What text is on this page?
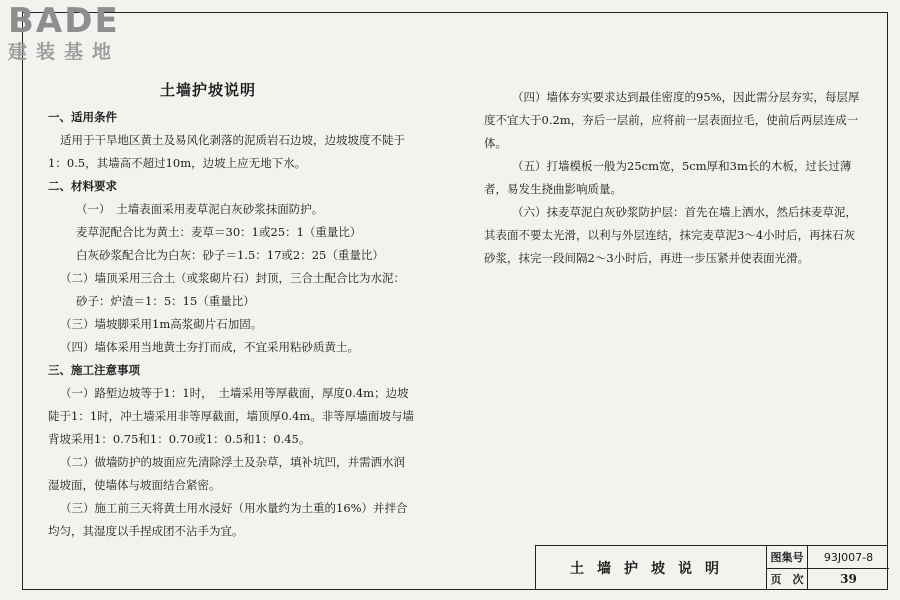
BADE
建装基地
土墙护坡说明

一、适用条件

适用于干旱地区黄土及易风化剥落的泥质岩石边坡，边坡坡度不陡于1：0.5，其墙高不超过10m，边坡上应无地下水。

二、材料要求

（一）　土墙表面采用麦草泥白灰砂浆抹面防护。

麦草泥配合比为黄土：麦草＝30：1或25：1（重量比）

白灰砂浆配合比为白灰：砂子＝1.5：17或2：25（重量比）

（二）墙顶采用三合土（或浆砌片石）封顶，三合土配合比为水泥：

砂子：炉渣＝1：5：15（重量比）

（三）墙坡脚采用1m高浆砌片石加固。

（四）墙体采用当地黄土夯打而成，不宜采用粘砂质黄土。

三、施工注意事项

（一）路堑边坡等于1：1时，　土墙采用等厚截面，厚度0.4m；边坡陡于1：1时，冲土墙采用非等厚截面，墙顶厚0.4m。非等厚墙面坡与墙背坡采用1：0.75和1：0.70或1：0.5和1：0.45。

（二）做墙防护的坡面应先清除浮土及杂草，填补坑凹，并需洒水润湿坡面，使墙体与坡面结合紧密。

（三）施工前三天将黄土用水浸好（用水量约为土重的16%）并拌合均匀，其湿度以手捏成团不沾手为宜。

（四）墙体夯实要求达到最佳密度的95%，因此需分层夯实，每层厚度不宜大于0.2m，夯后一层前，应将前一层表面拉毛，使前后两层连成一体。

（五）打墙模板一般为25cm宽，5cm厚和3m长的木板，过长过薄者，易发生挠曲影响质量。

（六）抹麦草泥白灰砂浆防护层：首先在墙上洒水，然后抹麦草泥，其表面不要太光滑，以利与外层连结，抹完麦草泥3～4小时后，再抹石灰砂浆，抹完一段间隔2～3小时后，再进一步压紧并使表面光滑。

土墙护坡说明
图集号	93J007-8
页　次	39
